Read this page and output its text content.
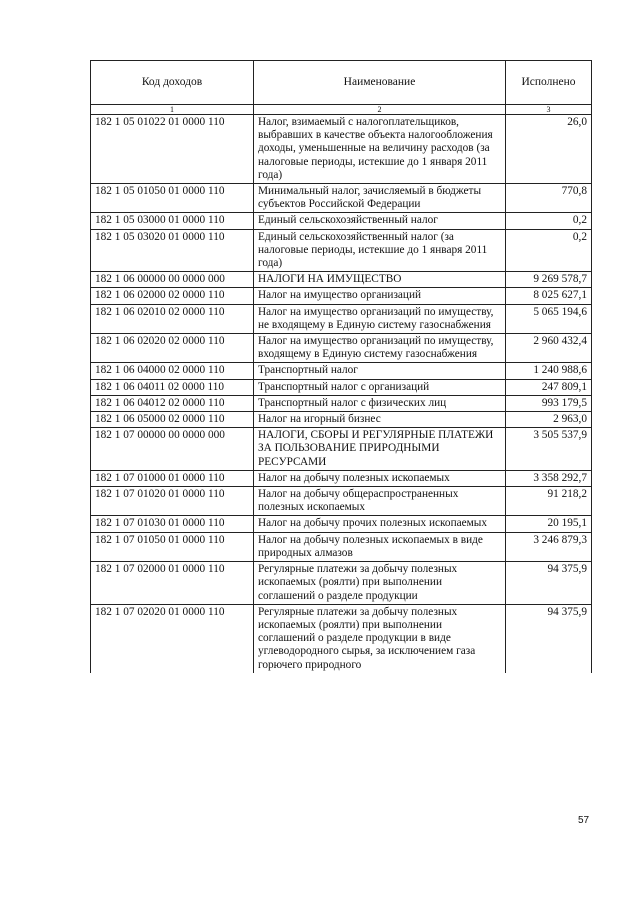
Код доходов	Наименование	Исполнено
1	2	3
182 1 05 01022 01 0000 110	Налог, взимаемый с налогоплательщиков, выбравших в качестве объекта налогообложения доходы, уменьшенные на величину расходов (за налоговые периоды, истекшие до 1 января 2011 года)	26,0
182 1 05 01050 01 0000 110	Минимальный налог, зачисляемый в бюджеты субъектов Российской Федерации	770,8
182 1 05 03000 01 0000 110	Единый сельскохозяйственный налог	0,2
182 1 05 03020 01 0000 110	Единый сельскохозяйственный налог (за налоговые периоды, истекшие до 1 января 2011 года)	0,2
182 1 06 00000 00 0000 000	НАЛОГИ НА ИМУЩЕСТВО	9 269 578,7
182 1 06 02000 02 0000 110	Налог на имущество организаций	8 025 627,1
182 1 06 02010 02 0000 110	Налог на имущество организаций по имуществу, не входящему в Единую систему газоснабжения	5 065 194,6
182 1 06 02020 02 0000 110	Налог на имущество организаций по имуществу, входящему в Единую систему газоснабжения	2 960 432,4
182 1 06 04000 02 0000 110	Транспортный налог	1 240 988,6
182 1 06 04011 02 0000 110	Транспортный налог с организаций	247 809,1
182 1 06 04012 02 0000 110	Транспортный налог с физических лиц	993 179,5
182 1 06 05000 02 0000 110	Налог на игорный бизнес	2 963,0
182 1 07 00000 00 0000 000	НАЛОГИ, СБОРЫ И РЕГУЛЯРНЫЕ ПЛАТЕЖИ ЗА ПОЛЬЗОВАНИЕ ПРИРОДНЫМИ РЕСУРСАМИ	3 505 537,9
182 1 07 01000 01 0000 110	Налог на добычу полезных ископаемых	3 358 292,7
182 1 07 01020 01 0000 110	Налог на добычу общераспространенных полезных ископаемых	91 218,2
182 1 07 01030 01 0000 110	Налог на добычу прочих полезных ископаемых	20 195,1
182 1 07 01050 01 0000 110	Налог на добычу полезных ископаемых в виде природных алмазов	3 246 879,3
182 1 07 02000 01 0000 110	Регулярные платежи за добычу полезных ископаемых (роялти) при выполнении соглашений о разделе продукции	94 375,9
182 1 07 02020 01 0000 110	Регулярные платежи за добычу полезных ископаемых (роялти) при выполнении соглашений о разделе продукции в виде углеводородного сырья, за исключением газа горючего природного	94 375,9
57
